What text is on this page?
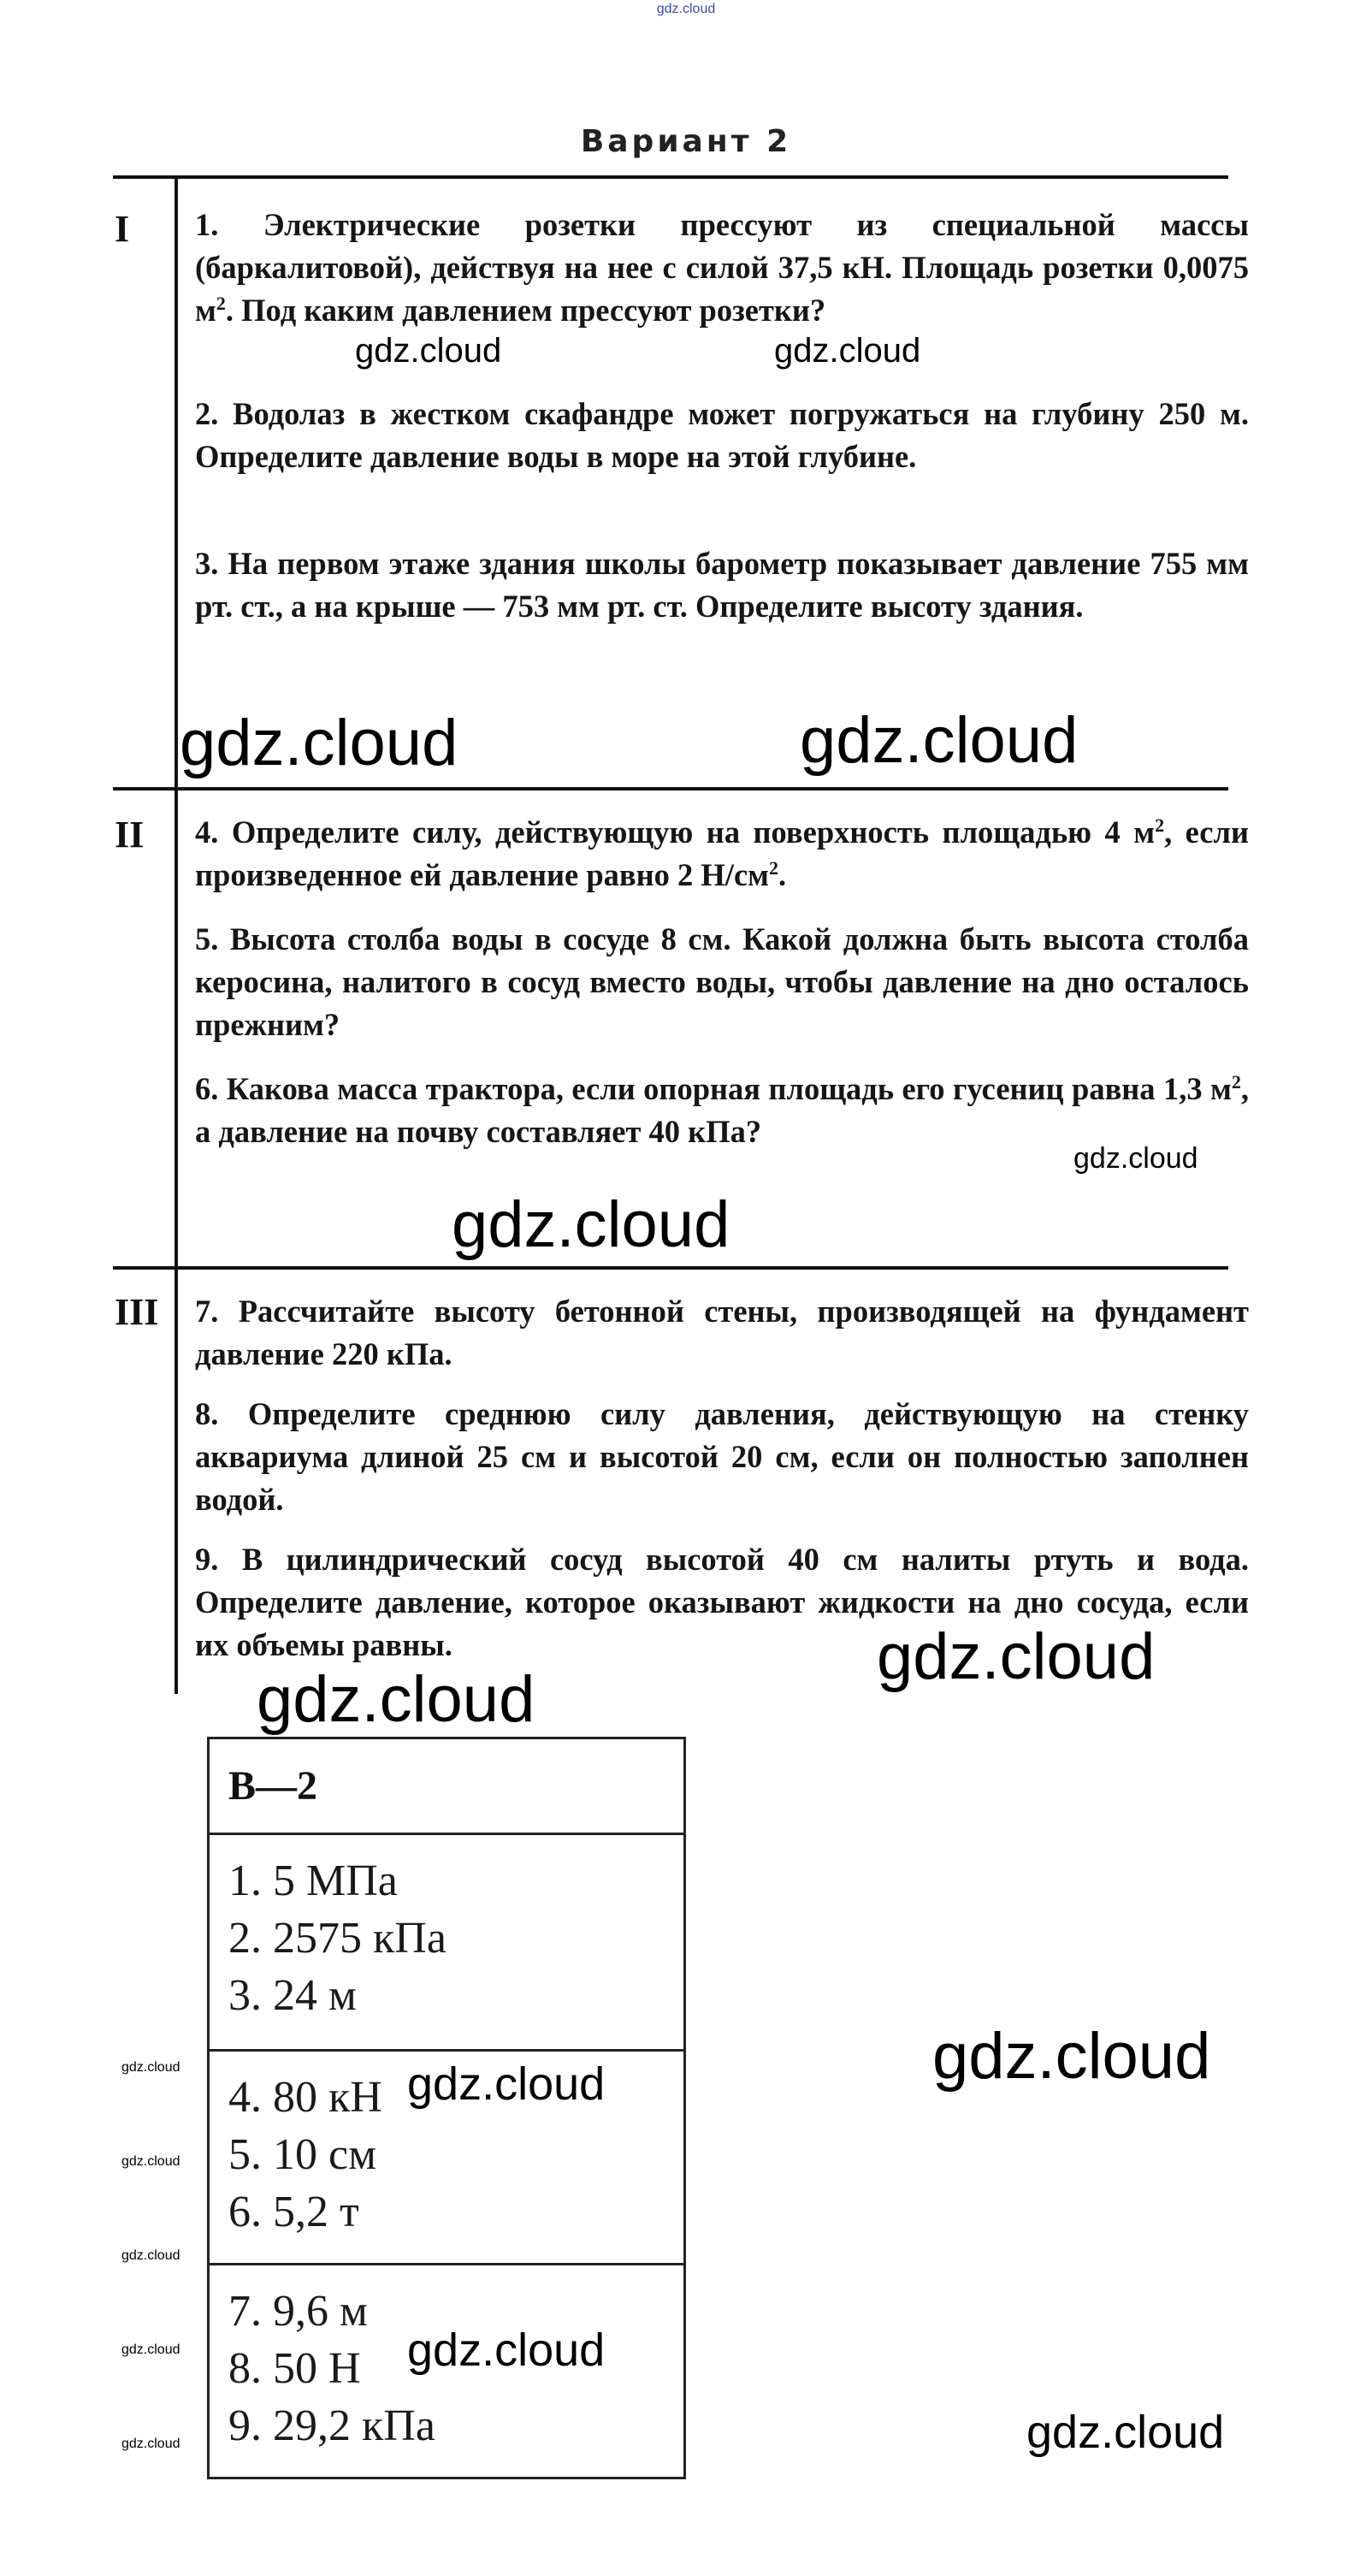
gdz.cloud
Вариант 2
I 1. Электрические розетки прессуют из специальной массы (баркалитовой), действуя на нее с силой 37,5 кН. Площадь розетки 0,0075 $м^2$. Под каким давлением прессуют розетки?
2. Водолаз в жестком скафандре может погружаться на глубину 250 м. Определите давление воды в море на этой глубине.
3. На первом этаже здания школы барометр показывает давление 755 мм рт. ст., а на крыше — 753 мм рт. ст. Определите высоту здания.
II 4. Определите силу, действующую на поверхность площадью 4 $м^2$, если произведенное ей давление равно 2 $Н/см^2$.
5. Высота столба воды в сосуде 8 см. Какой должна быть высота столба керосина, налитого в сосуд вместо воды, чтобы давление на дно осталось прежним?
6. Какова масса трактора, если опорная площадь его гусениц равна 1,3 $м^2$, а давление на почву составляет 40 кПа?
III 7. Рассчитайте высоту бетонной стены, производящей на фундамент давление 220 кПа.
8. Определите среднюю силу давления, действующую на стенку аквариума длиной 25 см и высотой 20 см, если он полностью заполнен водой.
9. В цилиндрический сосуд высотой 40 см налиты ртуть и вода. Определите давление, которое оказывают жидкости на дно сосуда, если их объемы равны.
В—2
1. 5 МПа
2. 2575 кПа
3. 24 м
4. 80 кН
5. 10 см
6. 5,2 т
7. 9,6 м
8. 50 Н
9. 29,2 кПа
gdz.cloud	gdz.cloud
gdz.cloud	gdz.cloud
gdz.cloud
gdz.cloud
gdz.cloud
gdz.cloud
gdz.cloud
gdz.cloud
gdz.cloud
gdz.cloud
gdz.cloud
gdz.cloud
gdz.cloud
gdz.cloud
gdz.cloud
